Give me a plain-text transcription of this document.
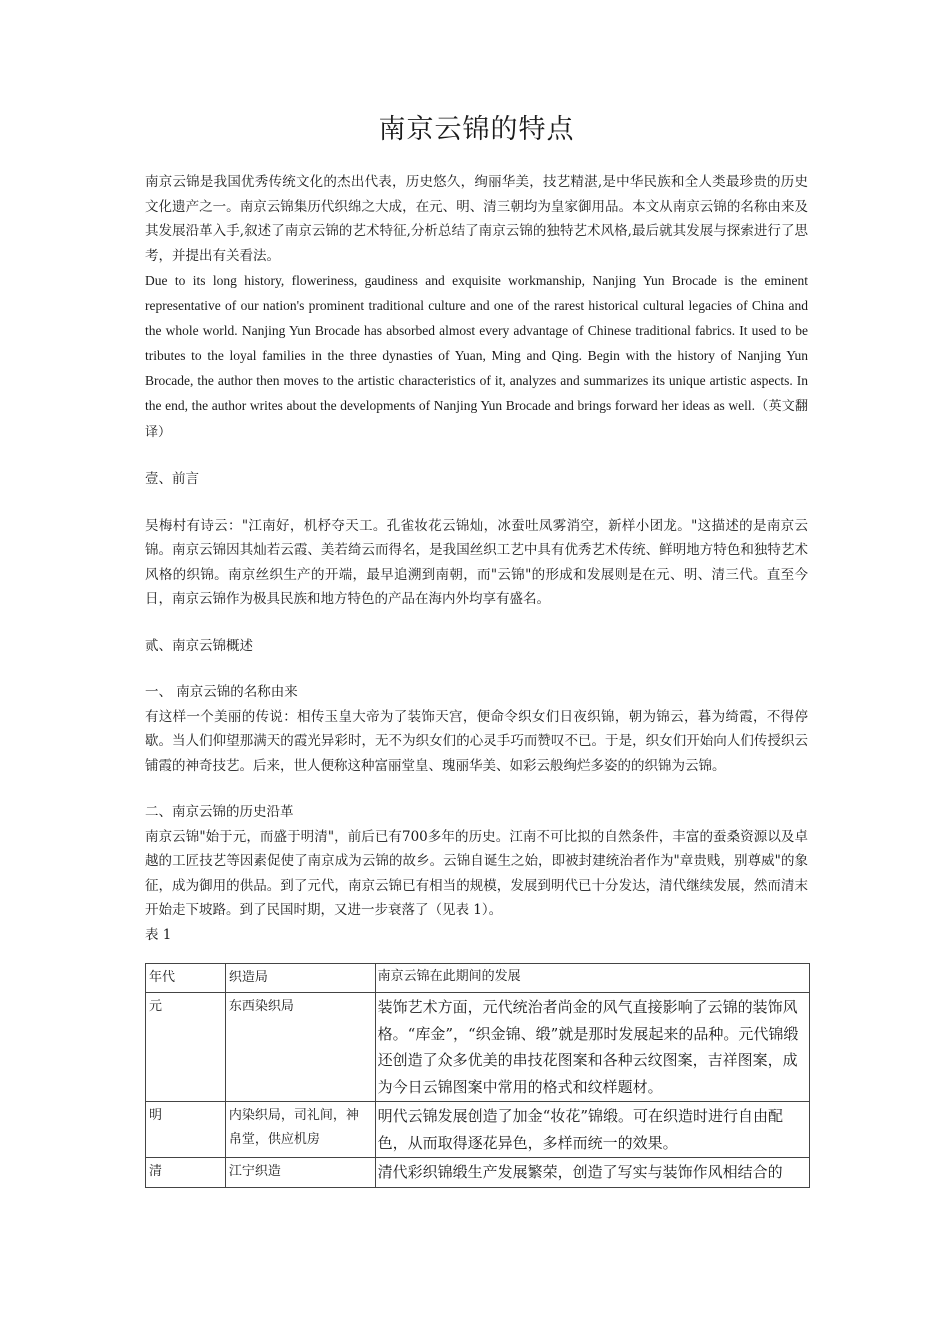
南京云锦的特点

南京云锦是我国优秀传统文化的杰出代表，历史悠久，绚丽华美，技艺精湛,是中华民族和全人类最珍贵的历史文化遗产之一。南京云锦集历代织绵之大成，在元、明、清三朝均为皇家御用品。本文从南京云锦的名称由来及其发展沿革入手,叙述了南京云锦的艺术特征,分析总结了南京云锦的独特艺术风格,最后就其发展与探索进行了思考，并提出有关看法。

Due to its long history, floweriness, gaudiness and exquisite workmanship, Nanjing Yun Brocade is the eminent representative of our nation's prominent traditional culture and one of the rarest historical cultural legacies of China and the whole world. Nanjing Yun Brocade has absorbed almost every advantage of Chinese traditional fabrics. It used to be tributes to the loyal families in the three dynasties of Yuan, Ming and Qing. Begin with the history of Nanjing Yun Brocade, the author then moves to the artistic characteristics of it, analyzes and summarizes its unique artistic aspects. In the end, the author writes about the developments of Nanjing Yun Brocade and brings forward her ideas as well.（英文翻译）

壹、前言

吴梅村有诗云："江南好，机杼夺天工。孔雀妆花云锦灿，冰蚕吐凤雾消空，新样小团龙。"这描述的是南京云锦。南京云锦因其灿若云霞、美若绮云而得名，是我国丝织工艺中具有优秀艺术传统、鲜明地方特色和独特艺术风格的织锦。南京丝织生产的开端，最早追溯到南朝，而"云锦"的形成和发展则是在元、明、清三代。直至今日，南京云锦作为极具民族和地方特色的产品在海内外均享有盛名。

贰、南京云锦概述

一、 南京云锦的名称由来

有这样一个美丽的传说：相传玉皇大帝为了装饰天宫，便命令织女们日夜织锦，朝为锦云，暮为绮霞，不得停歇。当人们仰望那满天的霞光异彩时，无不为织女们的心灵手巧而赞叹不已。于是，织女们开始向人们传授织云铺霞的神奇技艺。后来，世人便称这种富丽堂皇、瑰丽华美、如彩云般绚烂多姿的的织锦为云锦。

二、南京云锦的历史沿革

南京云锦"始于元，而盛于明清"，前后已有700多年的历史。江南不可比拟的自然条件，丰富的蚕桑资源以及卓越的工匠技艺等因素促使了南京成为云锦的故乡。云锦自诞生之始，即被封建统治者作为"章贵贱，别尊威"的象征，成为御用的供品。到了元代，南京云锦已有相当的规模，发展到明代已十分发达，清代继续发展，然而清末开始走下坡路。到了民国时期，又进一步衰落了（见表 1）。

表 1

年代	织造局	南京云锦在此期间的发展
元	东西染织局	装饰艺术方面，元代统治者尚金的风气直接影响了云锦的装饰风格。“库金”，“织金锦、缎”就是那时发展起来的品种。元代锦缎还创造了众多优美的串技花图案和各种云纹图案，吉祥图案，成为今日云锦图案中常用的格式和纹样题材。
明	内染织局，司礼间，神帛堂，供应机房	明代云锦发展创造了加金“妆花”锦缎。可在织造时进行自由配色，从而取得逐花异色，多样而统一的效果。
清	江宁织造	清代彩织锦缎生产发展繁荣，创造了写实与装饰作风相结合的
